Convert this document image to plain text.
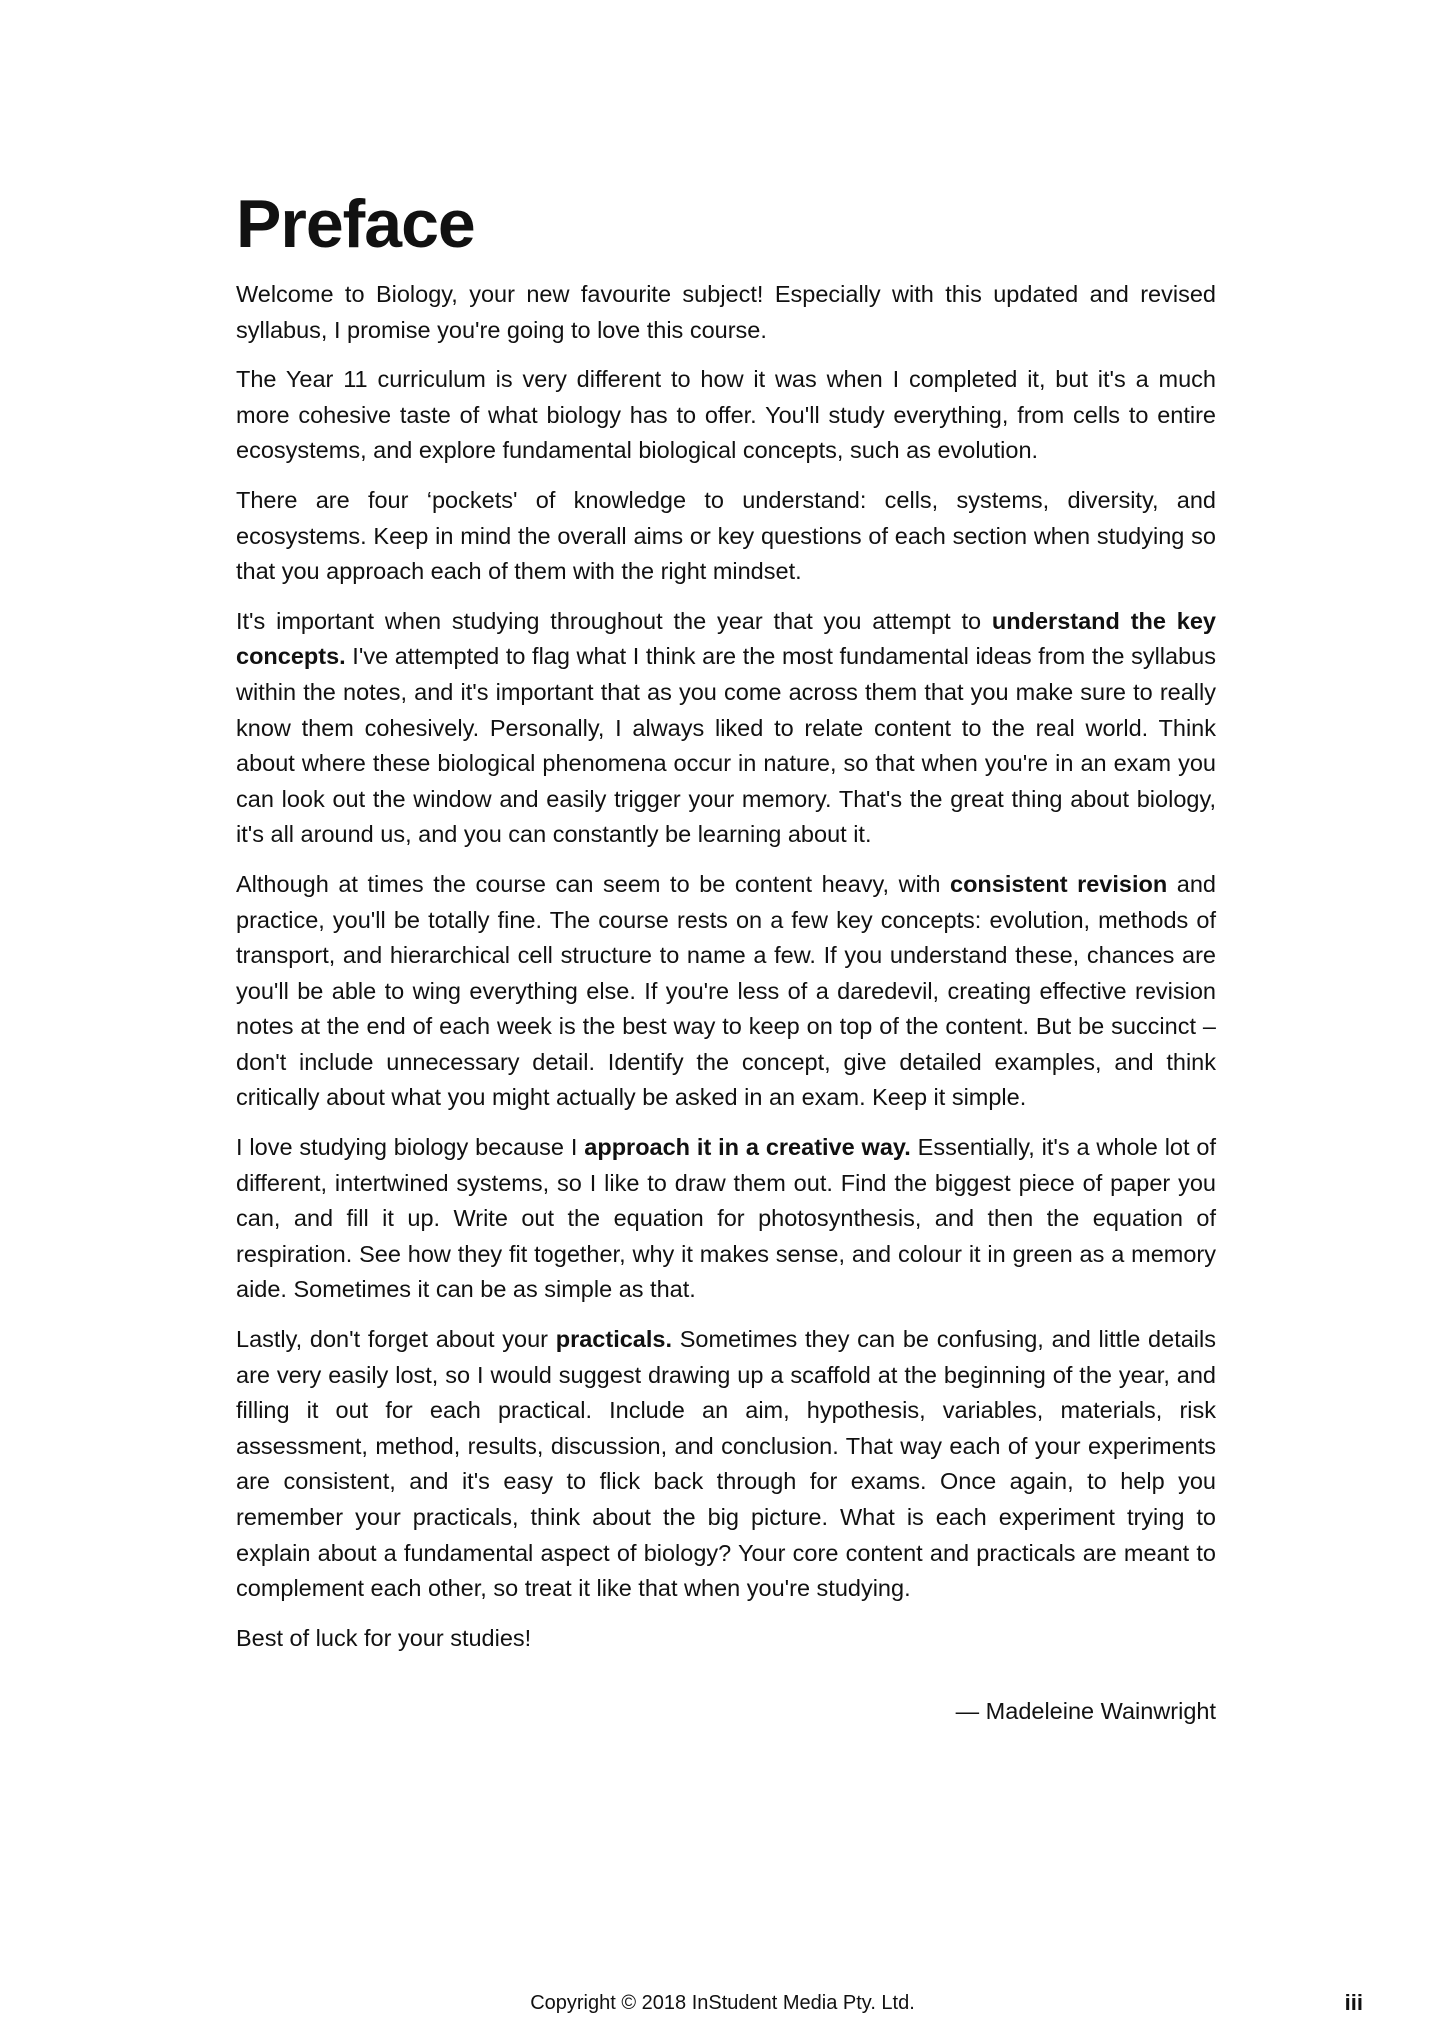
Preface

Welcome to Biology, your new favourite subject! Especially with this updated and revised syllabus, I promise you're going to love this course.

The Year 11 curriculum is very different to how it was when I completed it, but it's a much more cohesive taste of what biology has to offer. You'll study everything, from cells to entire ecosystems, and explore fundamental biological concepts, such as evolution.

There are four ‘pockets' of knowledge to understand: cells, systems, diversity, and ecosystems. Keep in mind the overall aims or key questions of each section when studying so that you approach each of them with the right mindset.

It's important when studying throughout the year that you attempt to understand the key concepts. I've attempted to flag what I think are the most fundamental ideas from the syllabus within the notes, and it's important that as you come across them that you make sure to really know them cohesively. Personally, I always liked to relate content to the real world. Think about where these biological phenomena occur in nature, so that when you're in an exam you can look out the window and easily trigger your memory. That's the great thing about biology, it's all around us, and you can constantly be learning about it.

Although at times the course can seem to be content heavy, with consistent revision and practice, you'll be totally fine. The course rests on a few key concepts: evolution, methods of transport, and hierarchical cell structure to name a few. If you understand these, chances are you'll be able to wing everything else. If you're less of a daredevil, creating effective revision notes at the end of each week is the best way to keep on top of the content. But be succinct – don't include unnecessary detail. Identify the concept, give detailed examples, and think critically about what you might actually be asked in an exam. Keep it simple.

I love studying biology because I approach it in a creative way. Essentially, it's a whole lot of different, intertwined systems, so I like to draw them out. Find the biggest piece of paper you can, and fill it up. Write out the equation for photosynthesis, and then the equation of respiration. See how they fit together, why it makes sense, and colour it in green as a memory aide. Sometimes it can be as simple as that.

Lastly, don't forget about your practicals. Sometimes they can be confusing, and little details are very easily lost, so I would suggest drawing up a scaffold at the beginning of the year, and filling it out for each practical. Include an aim, hypothesis, variables, materials, risk assessment, method, results, discussion, and conclusion. That way each of your experiments are consistent, and it's easy to flick back through for exams. Once again, to help you remember your practicals, think about the big picture. What is each experiment trying to explain about a fundamental aspect of biology? Your core content and practicals are meant to complement each other, so treat it like that when you're studying.

Best of luck for your studies!

— Madeleine Wainwright
Copyright © 2018 InStudent Media Pty. Ltd.	iii
